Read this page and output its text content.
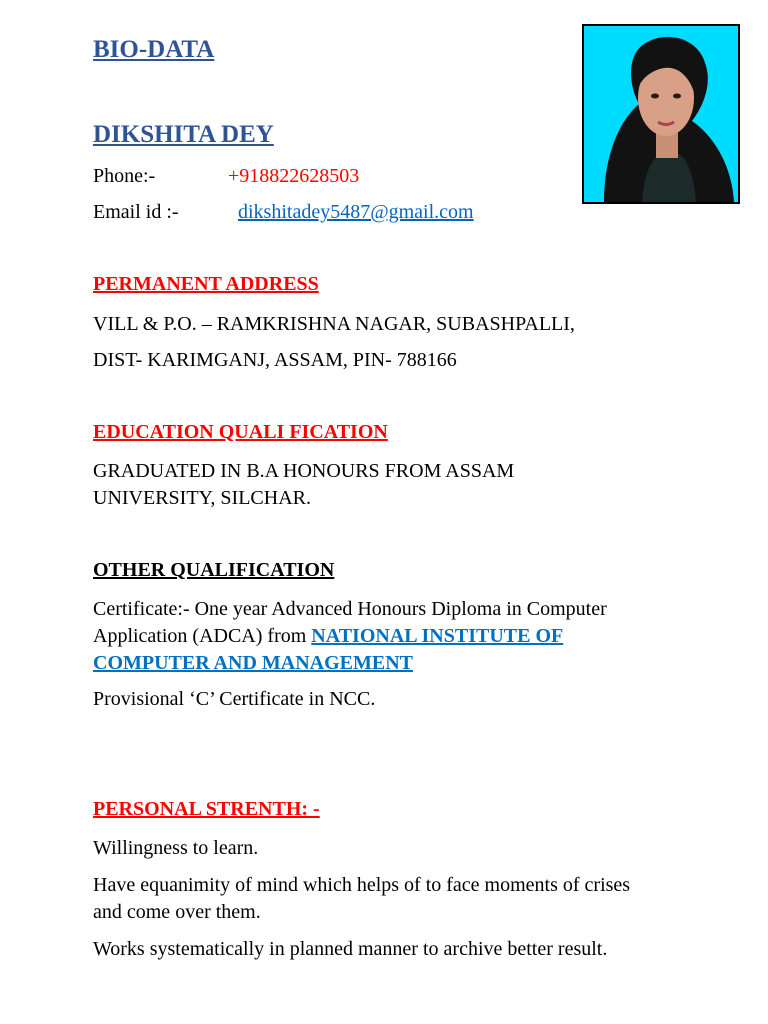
BIO-DATA
DIKSHITA DEY
Phone:-	+918822628503
Email id :-	dikshitadey5487@gmail.com
PERMANENT ADDRESS
VILL & P.O. – RAMKRISHNA NAGAR, SUBASHPALLI,
DIST- KARIMGANJ, ASSAM, PIN- 788166
EDUCATION QUALI FICATION
GRADUATED IN B.A HONOURS FROM ASSAM
UNIVERSITY, SILCHAR.
OTHER QUALIFICATION
Certificate:- One year Advanced Honours Diploma in Computer
Application (ADCA) from NATIONAL INSTITUTE OF
COMPUTER AND MANAGEMENT
Provisional ‘C’ Certificate in NCC.
PERSONAL STRENTH: -
Willingness to learn.
Have equanimity of mind which helps of to face moments of crises
and come over them.
Works systematically in planned manner to archive better result.
